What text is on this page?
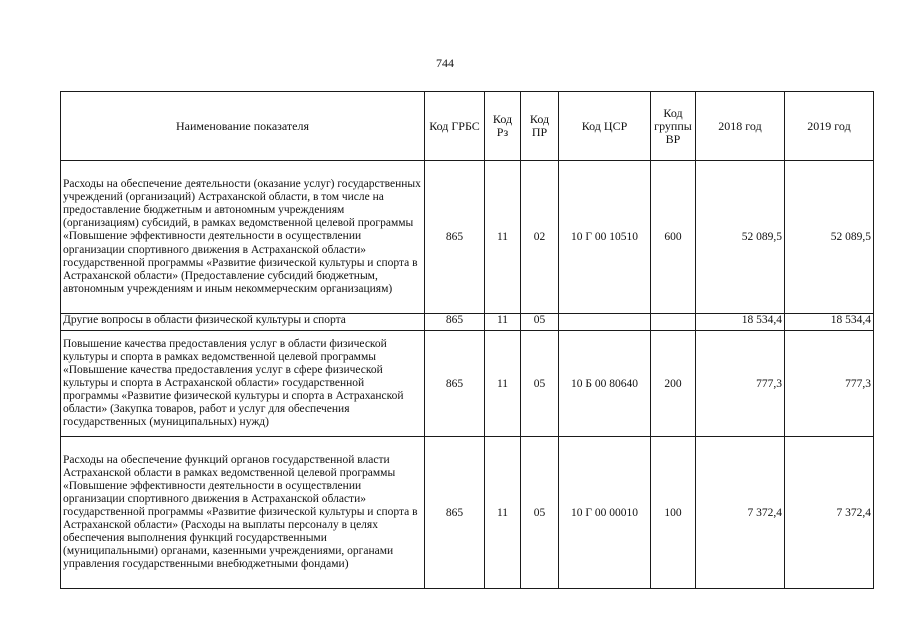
744
Наименование показателя	Код ГРБС	Код Рз	Код ПР	Код ЦСР	Код группы ВР	2018 год	2019 год
Расходы на обеспечение деятельности (оказание услуг) государственных учреждений (организаций) Астраханской области, в том числе на предоставление бюджетным и автономным учреждениям (организациям) субсидий, в рамках ведомственной целевой программы «Повышение эффективности деятельности в осуществлении организации спортивного движения в Астраханской области» государственной программы «Развитие физической культуры и спорта в Астраханской области» (Предоставление субсидий бюджетным, автономным учреждениям и иным некоммерческим организациям)	865	11	02	10 Г 00 10510	600	52 089,5	52 089,5
Другие вопросы в области физической культуры и спорта	865	11	05			18 534,4	18 534,4
Повышение качества предоставления услуг в области физической культуры и спорта в рамках ведомственной целевой программы «Повышение качества предоставления услуг в сфере физической культуры и спорта в Астраханской области» государственной программы «Развитие физической культуры и спорта в Астраханской области» (Закупка товаров, работ и услуг для обеспечения государственных (муниципальных) нужд)	865	11	05	10 Б 00 80640	200	777,3	777,3
Расходы на обеспечение функций органов государственной власти Астраханской области в рамках ведомственной целевой программы «Повышение эффективности деятельности в осуществлении организации спортивного движения в Астраханской области» государственной программы «Развитие физической культуры и спорта в Астраханской области» (Расходы на выплаты персоналу в целях обеспечения выполнения функций государственными (муниципальными) органами, казенными учреждениями, органами управления государственными внебюджетными фондами)	865	11	05	10 Г 00 00010	100	7 372,4	7 372,4
